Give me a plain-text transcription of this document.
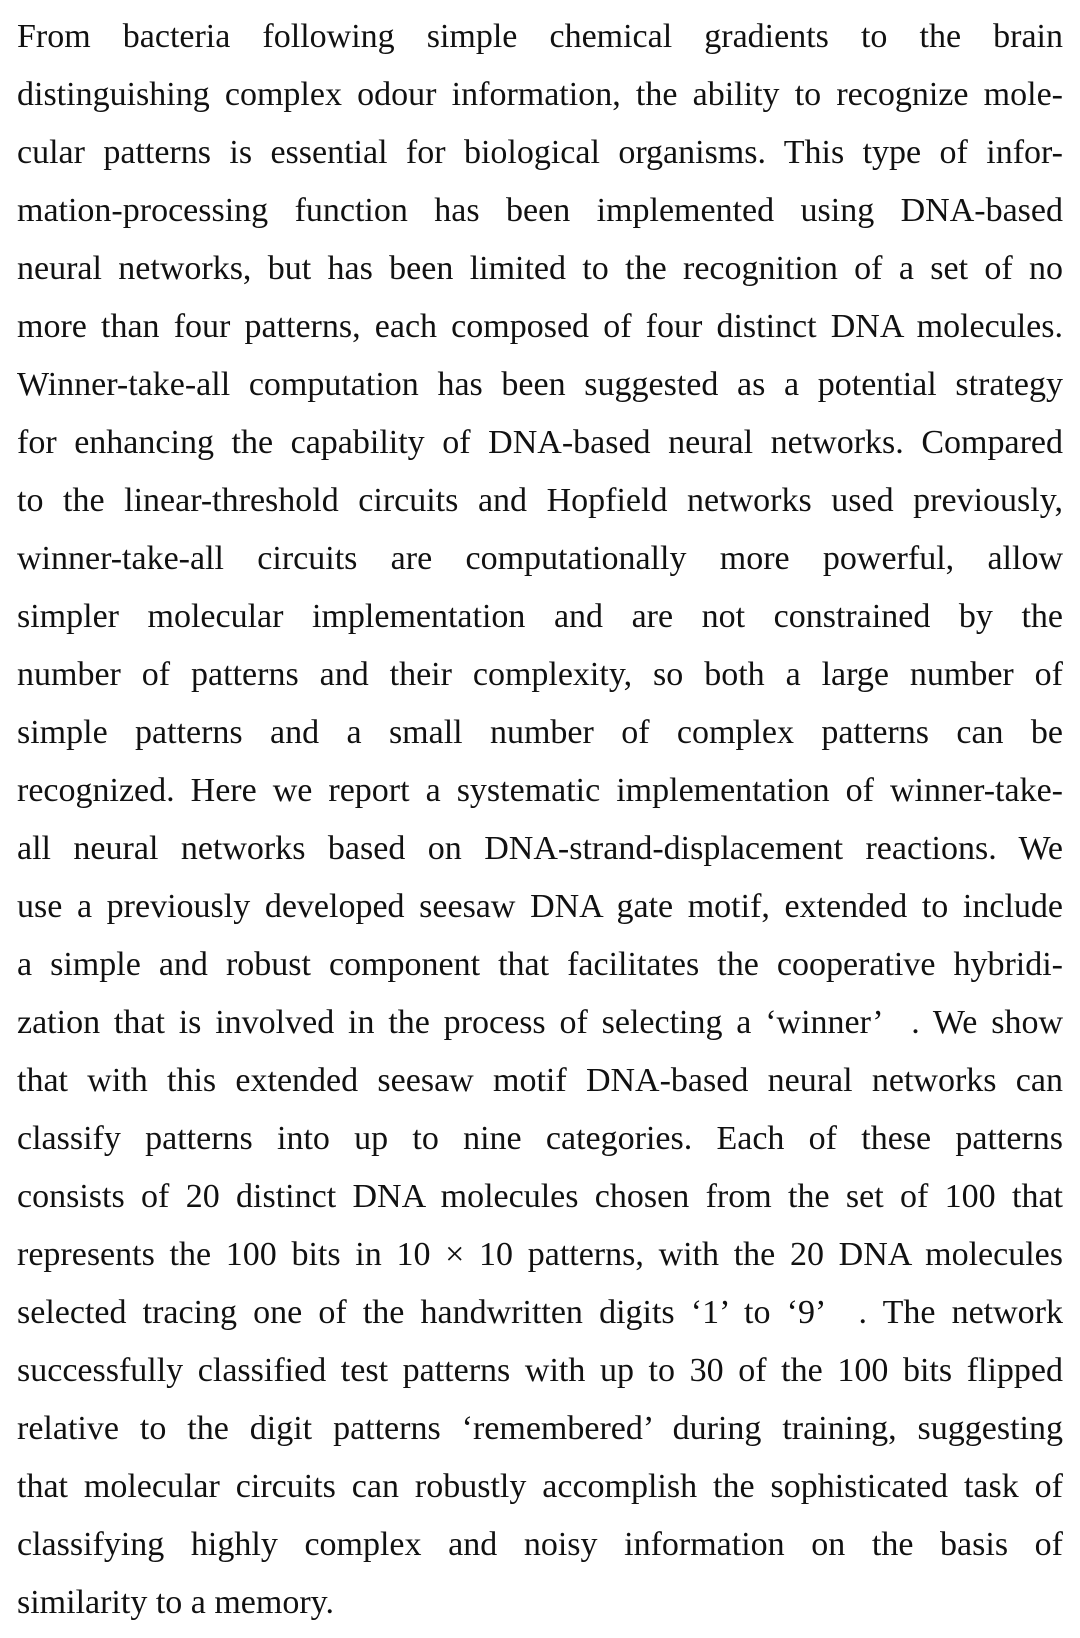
From bacteria following simple chemical gradients to the brain
distinguishing complex odour information, the ability to recognize mole-
cular patterns is essential for biological organisms. This type of infor-
mation-processing function has been implemented using DNA-based
neural networks, but has been limited to the recognition of a set of no
more than four patterns, each composed of four distinct DNA molecules.
Winner-take-all computation has been suggested as a potential strategy
for enhancing the capability of DNA-based neural networks. Compared
to the linear-threshold circuits and Hopfield networks used previously,
winner-take-all circuits are computationally more powerful, allow
simpler molecular implementation and are not constrained by the
number of patterns and their complexity, so both a large number of
simple patterns and a small number of complex patterns can be
recognized. Here we report a systematic implementation of winner-take-
all neural networks based on DNA-strand-displacement reactions. We
use a previously developed seesaw DNA gate motif, extended to include
a simple and robust component that facilitates the cooperative hybridi-
zation that is involved in the process of selecting a ‘winner’  . We show
that with this extended seesaw motif DNA-based neural networks can
classify patterns into up to nine categories. Each of these patterns
consists of 20 distinct DNA molecules chosen from the set of 100 that
represents the 100 bits in 10 × 10 patterns, with the 20 DNA molecules
selected tracing one of the handwritten digits ‘1’ to ‘9’  . The network
successfully classified test patterns with up to 30 of the 100 bits flipped
relative to the digit patterns ‘remembered’ during training, suggesting
that molecular circuits can robustly accomplish the sophisticated task of
classifying highly complex and noisy information on the basis of
similarity to a memory.
